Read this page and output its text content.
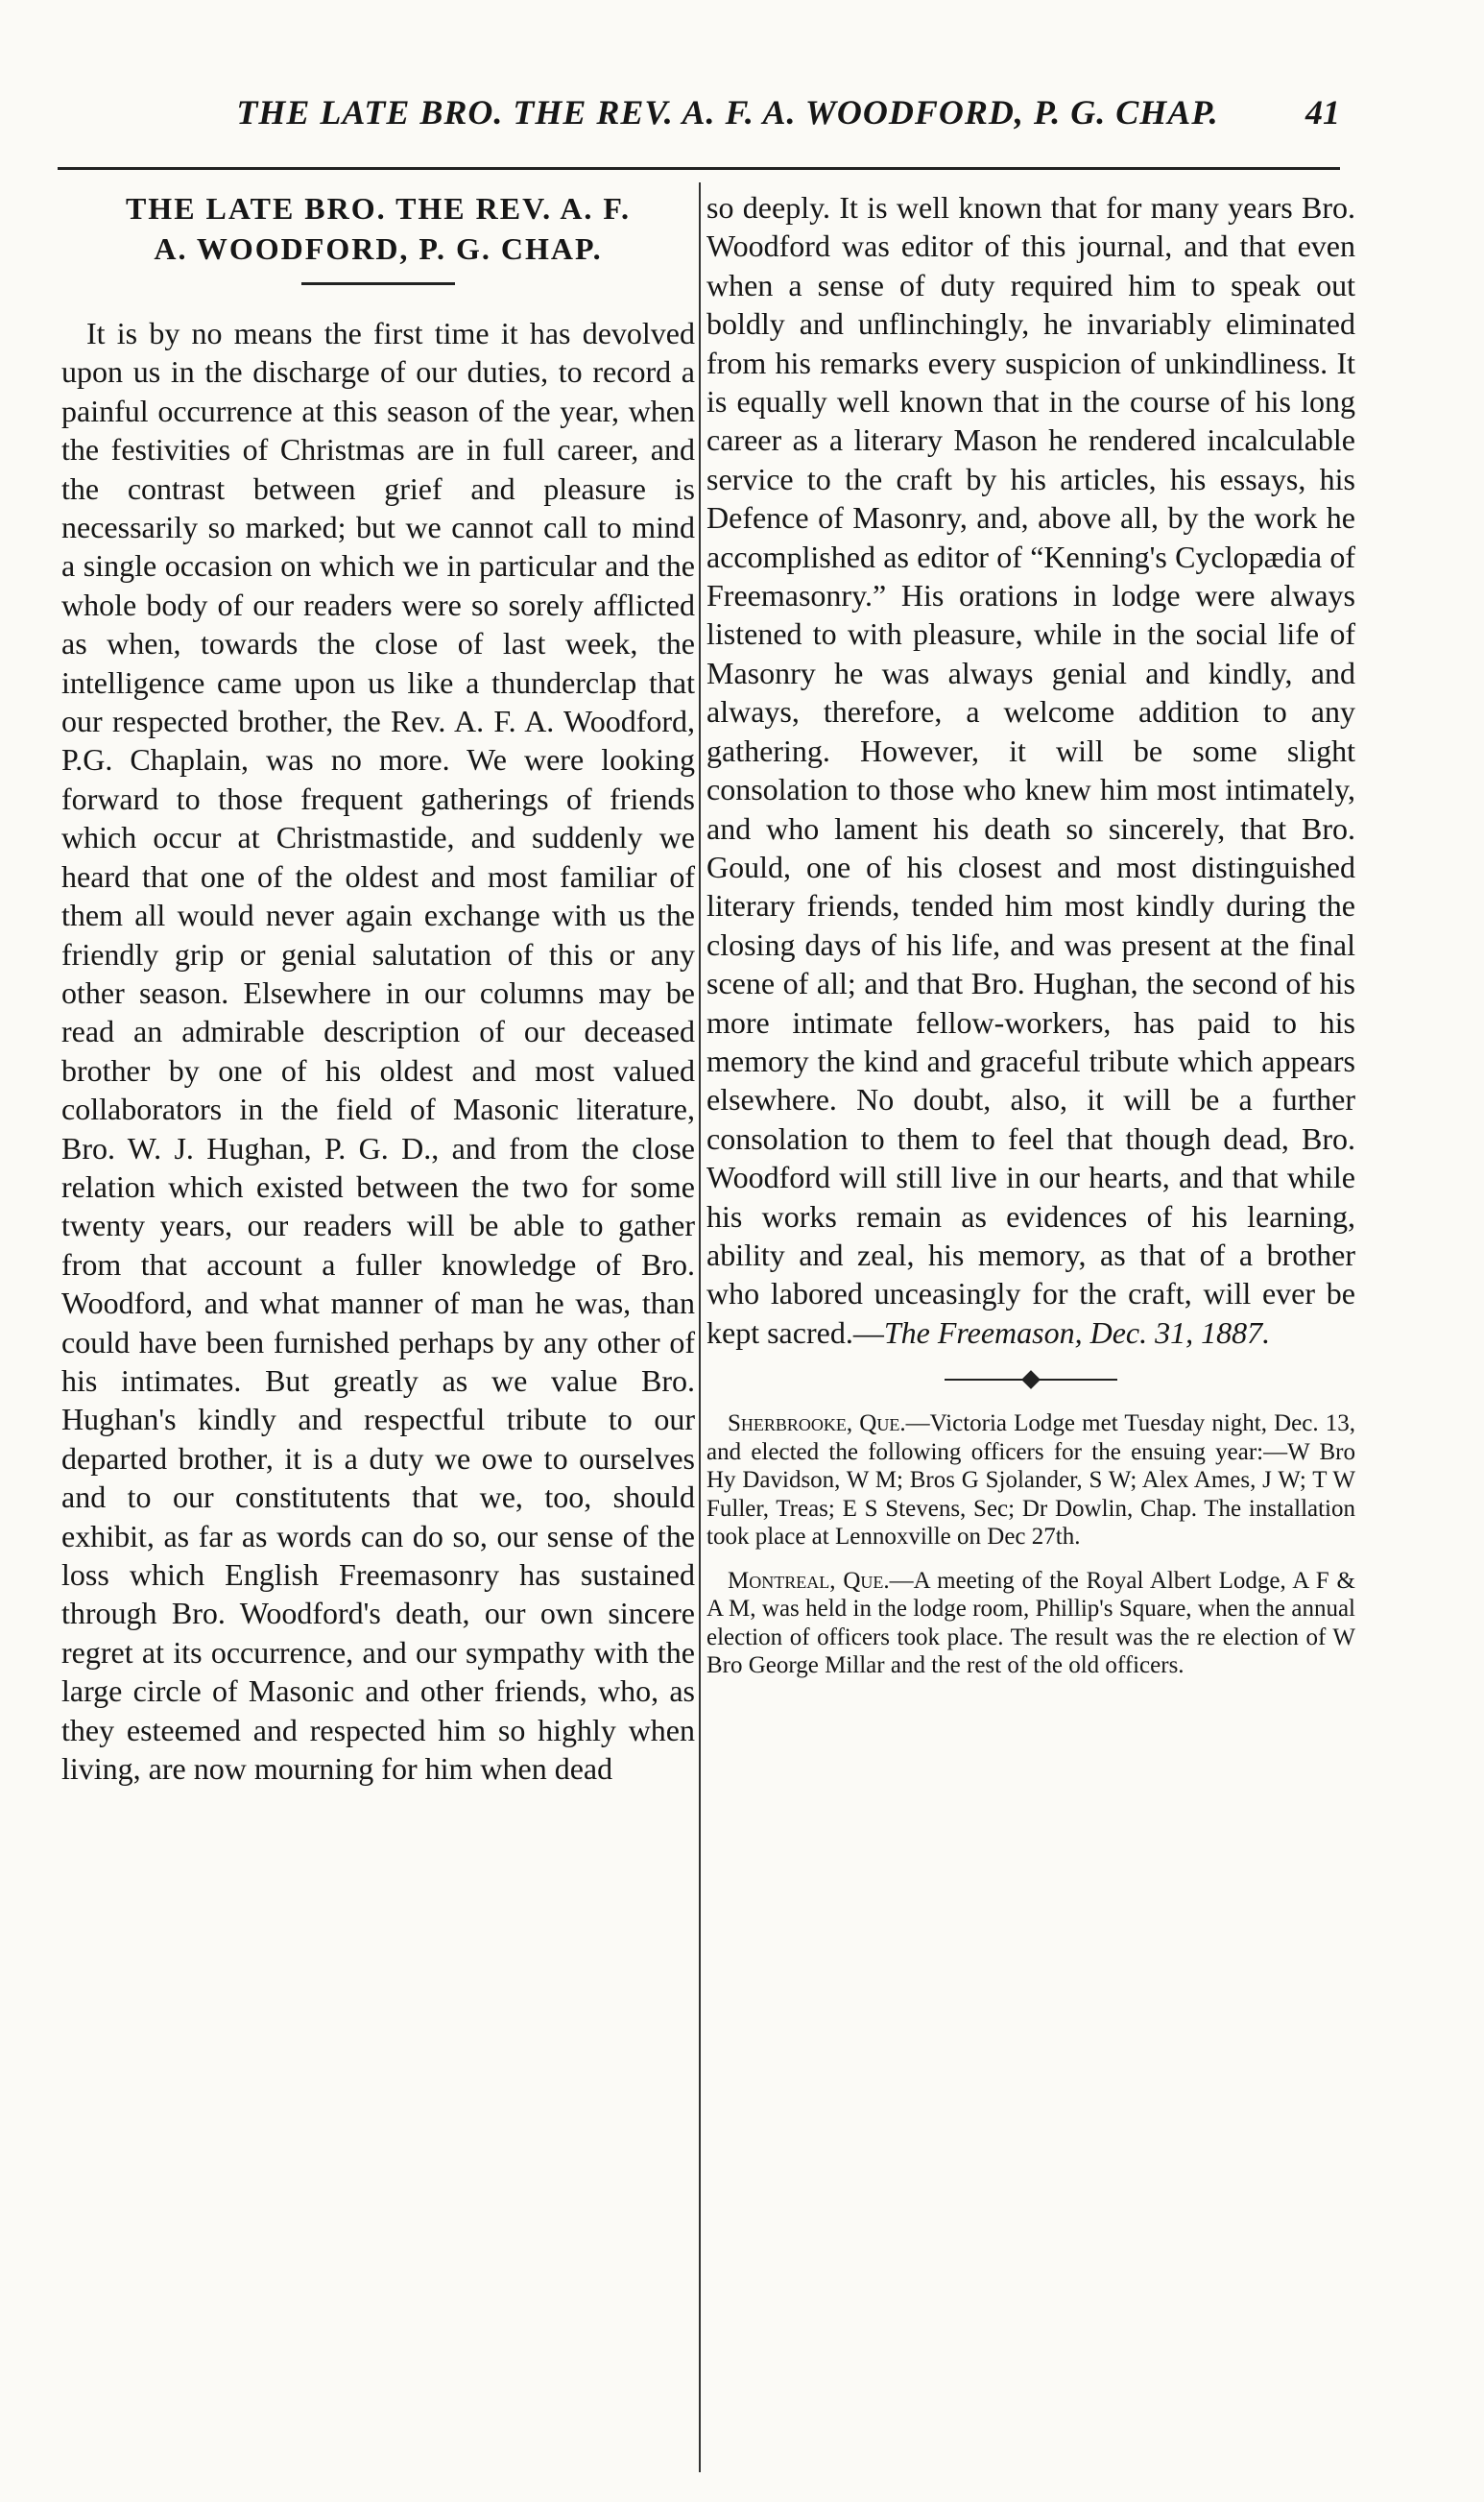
THE LATE BRO. THE REV. A. F. A. WOODFORD, P. G. CHAP.	41
THE LATE BRO. THE REV. A. F.
A. WOODFORD, P. G. CHAP.

It is by no means the first time it has devolved upon us in the discharge of our duties, to record a painful occurrence at this season of the year, when the festivities of Christmas are in full career, and the contrast between grief and pleasure is necessarily so marked; but we cannot call to mind a single occasion on which we in particular and the whole body of our readers were so sorely afflicted as when, towards the close of last week, the intelligence came upon us like a thunderclap that our respected brother, the Rev. A. F. A. Woodford, P.G. Chaplain, was no more. We were looking forward to those frequent gatherings of friends which occur at Christmastide, and suddenly we heard that one of the oldest and most familiar of them all would never again exchange with us the friendly grip or genial salutation of this or any other season. Elsewhere in our columns may be read an admirable description of our deceased brother by one of his oldest and most valued collaborators in the field of Masonic literature, Bro. W. J. Hughan, P. G. D., and from the close relation which existed between the two for some twenty years, our readers will be able to gather from that account a fuller knowledge of Bro. Woodford, and what manner of man he was, than could have been furnished perhaps by any other of his intimates. But greatly as we value Bro. Hughan's kindly and respectful tribute to our departed brother, it is a duty we owe to ourselves and to our constitutents that we, too, should exhibit, as far as words can do so, our sense of the loss which English Freemasonry has sustained through Bro. Woodford's death, our own sincere regret at its occurrence, and our sympathy with the large circle of Masonic and other friends, who, as they esteemed and respected him so highly when living, are now mourning for him when dead

so deeply. It is well known that for many years Bro. Woodford was editor of this journal, and that even when a sense of duty required him to speak out boldly and unflinchingly, he invariably eliminated from his remarks every suspicion of unkindliness. It is equally well known that in the course of his long career as a literary Mason he rendered incalculable service to the craft by his articles, his essays, his Defence of Masonry, and, above all, by the work he accomplished as editor of “Kenning's Cyclopædia of Freemasonry.” His orations in lodge were always listened to with pleasure, while in the social life of Masonry he was always genial and kindly, and always, therefore, a welcome addition to any gathering. However, it will be some slight consolation to those who knew him most intimately, and who lament his death so sincerely, that Bro. Gould, one of his closest and most distinguished literary friends, tended him most kindly during the closing days of his life, and was present at the final scene of all; and that Bro. Hughan, the second of his more intimate fellow-workers, has paid to his memory the kind and graceful tribute which appears elsewhere. No doubt, also, it will be a further consolation to them to feel that though dead, Bro. Woodford will still live in our hearts, and that while his works remain as evidences of his learning, ability and zeal, his memory, as that of a brother who labored unceasingly for the craft, will ever be kept sacred.—The Freemason, Dec. 31, 1887.

Sherbrooke, Que.—Victoria Lodge met Tuesday night, Dec. 13, and elected the following officers for the ensuing year:—W Bro Hy Davidson, W M; Bros G Sjolander, S W; Alex Ames, J W; T W Fuller, Treas; E S Stevens, Sec; Dr Dowlin, Chap. The installation took place at Lennoxville on Dec 27th.

Montreal, Que.—A meeting of the Royal Albert Lodge, A F & A M, was held in the lodge room, Phillip's Square, when the annual election of officers took place. The result was the re election of W Bro George Millar and the rest of the old officers.
